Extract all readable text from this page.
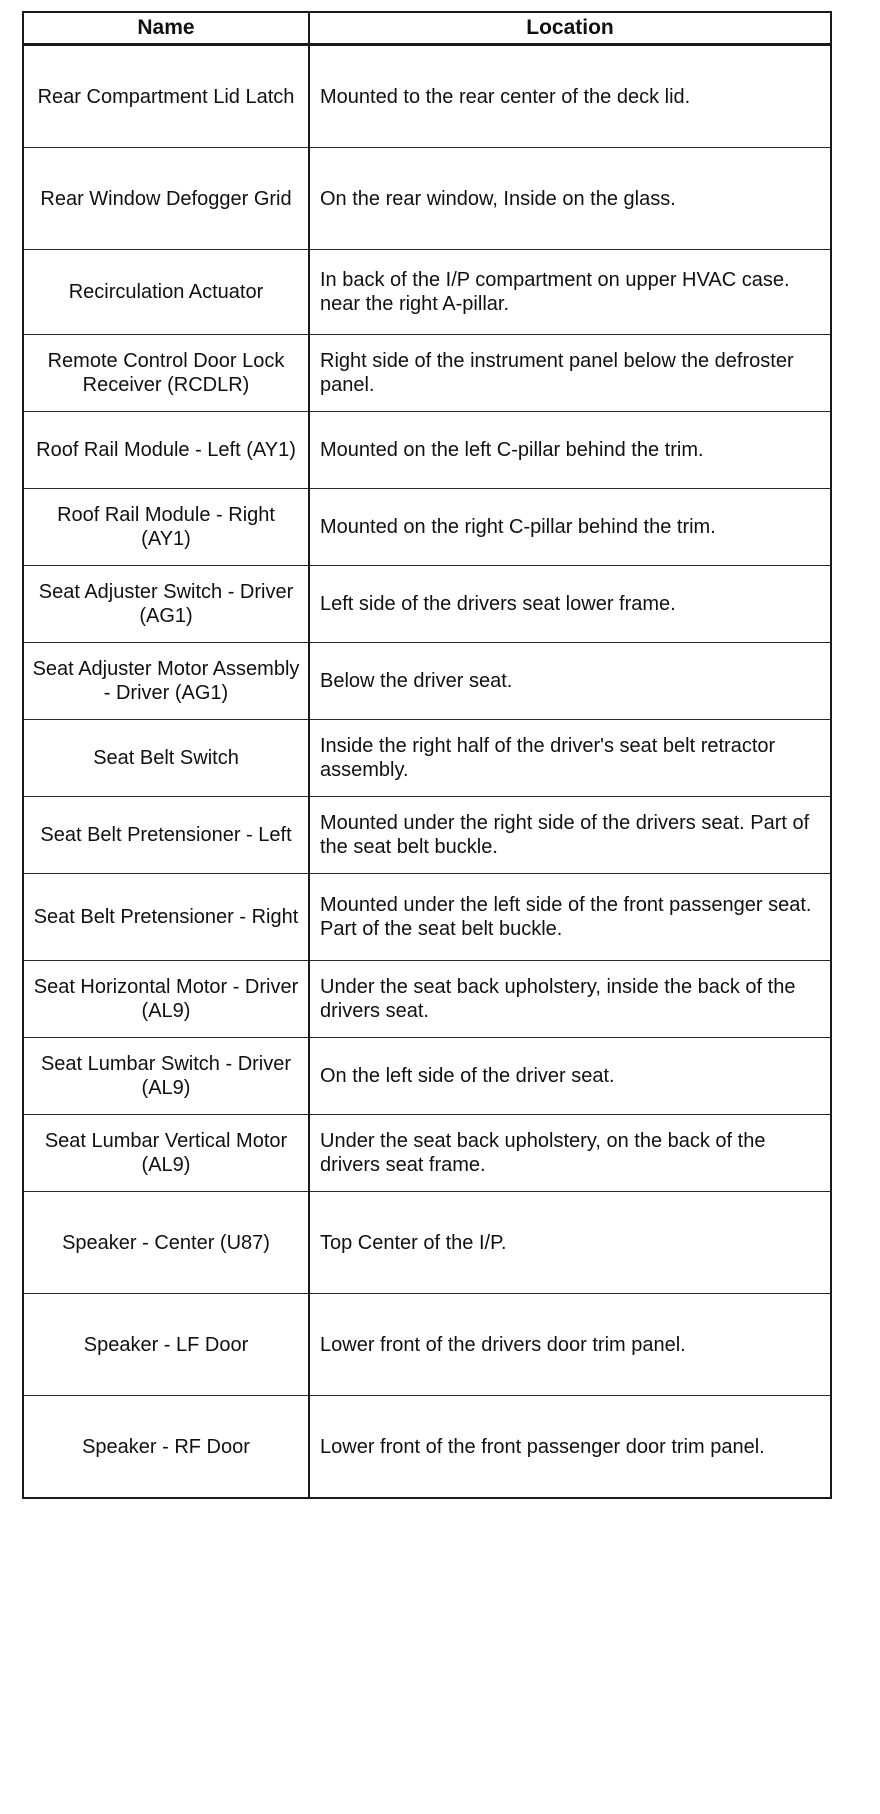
Name	Location

Rear Compartment Lid Latch	Mounted to the rear center of the deck lid.

Rear Window Defogger Grid	On the rear window, Inside on the glass.

Recirculation Actuator	In back of the I/P compartment on upper HVAC case. near the right A-pillar.

Remote Control Door Lock Receiver (RCDLR)	Right side of the instrument panel below the defroster panel.

Roof Rail Module - Left (AY1)	Mounted on the left C-pillar behind the trim.

Roof Rail Module - Right (AY1)	Mounted on the right C-pillar behind the trim.

Seat Adjuster Switch - Driver (AG1)	Left side of the drivers seat lower frame.

Seat Adjuster Motor Assembly - Driver (AG1)	Below the driver seat.

Seat Belt Switch	Inside the right half of the driver's seat belt retractor assembly.

Seat Belt Pretensioner - Left	Mounted under the right side of the drivers seat. Part of the seat belt buckle.

Seat Belt Pretensioner - Right	Mounted under the left side of the front passenger seat. Part of the seat belt buckle.

Seat Horizontal Motor - Driver (AL9)	Under the seat back upholstery, inside the back of the drivers seat.

Seat Lumbar Switch - Driver (AL9)	On the left side of the driver seat.

Seat Lumbar Vertical Motor (AL9)	Under the seat back upholstery, on the back of the drivers seat frame.

Speaker - Center (U87)	Top Center of the I/P.

Speaker - LF Door	Lower front of the drivers door trim panel.

Speaker - RF Door	Lower front of the front passenger door trim panel.
